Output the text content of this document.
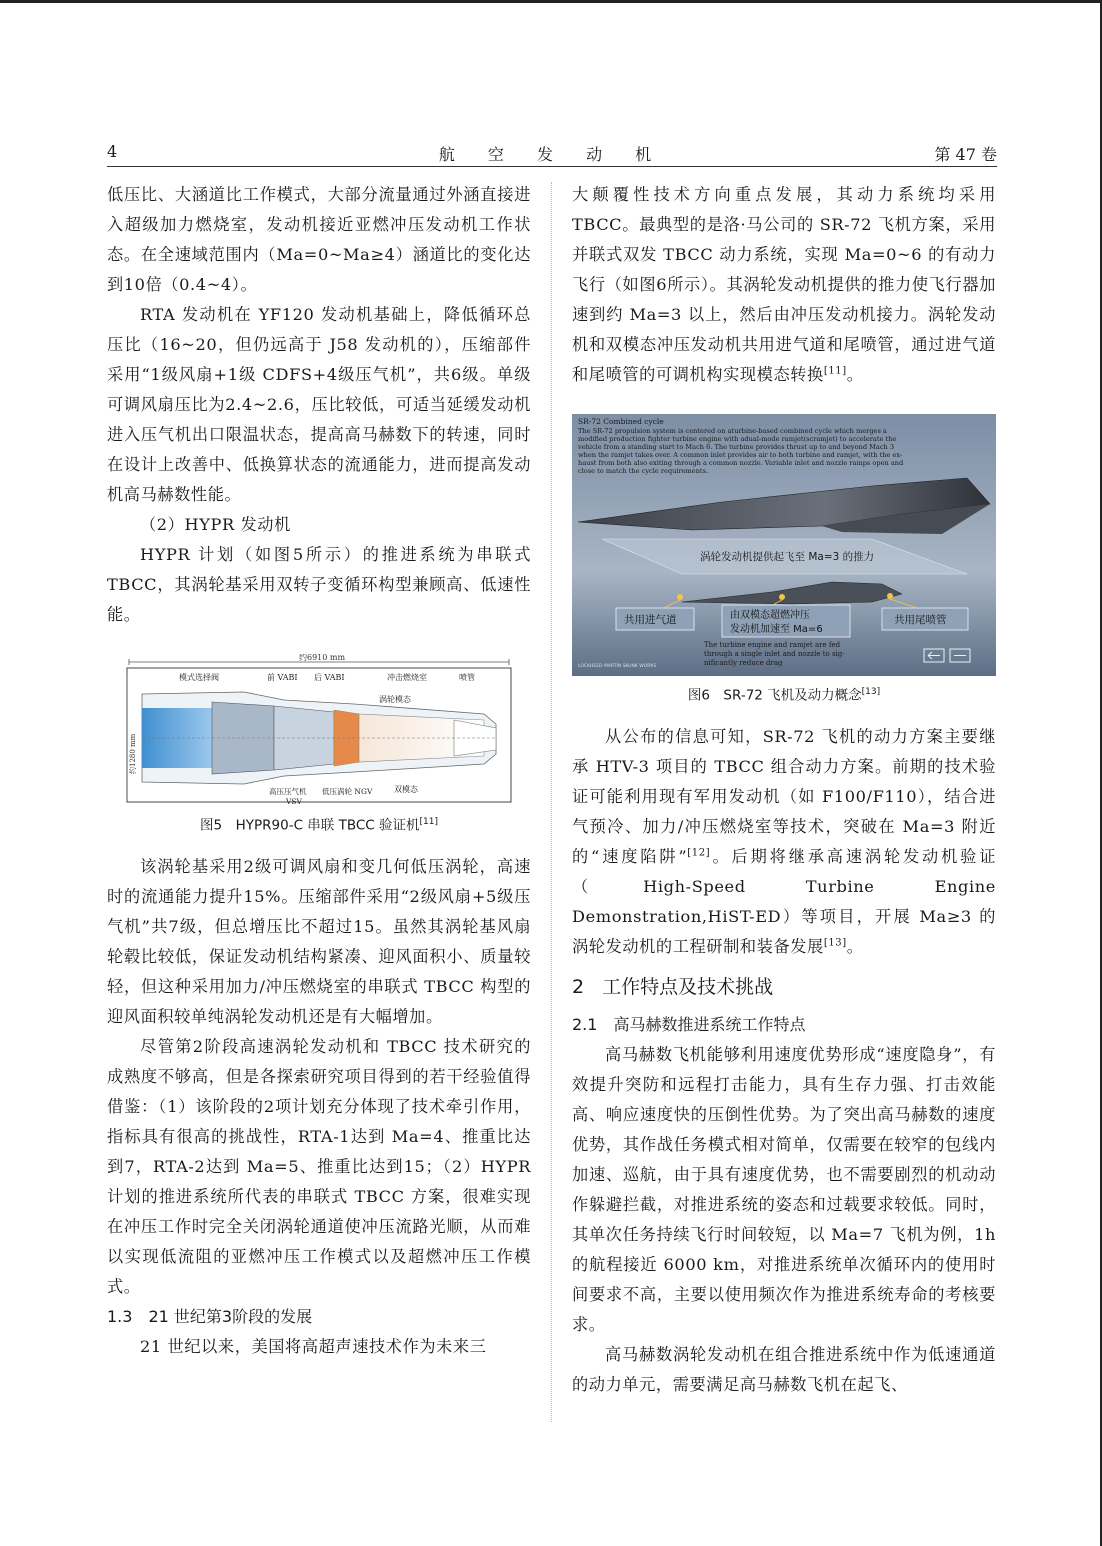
4	航 空 发 动 机	第 47 卷

低压比、大涵道比工作模式，大部分流量通过外涵直接进入超级加力燃烧室，发动机接近亚燃冲压发动机工作状态。在全速域范围内（Ma=0~Ma≥4）涵道比的变化达到10倍（0.4~4）。

RTA 发动机在 YF120 发动机基础上，降低循环总压比（16~20，但仍远高于 J58 发动机的），压缩部件采用“1级风扇+1级 CDFS+4级压气机”，共6级。单级可调风扇压比为2.4~2.6，压比较低，可适当延缓发动机进入压气机出口限温状态，提高高马赫数下的转速，同时在设计上改善中、低换算状态的流通能力，进而提高发动机高马赫数性能。

（2）HYPR 发动机

HYPR 计划（如图5所示）的推进系统为串联式 TBCC，其涡轮基采用双转子变循环构型兼顾高、低速性能。

约6910 mm
约1280 mm
模式选择阀	前 VABI 后 VABI	冲击燃烧室	喷管
涡轮模态
双模态
高压压气机
VSV
低压涡轮 NGV
图5　HYPR90-C 串联 TBCC 验证机[11]

该涡轮基采用2级可调风扇和变几何低压涡轮，高速时的流通能力提升15%。压缩部件采用“2级风扇+5级压气机”共7级，但总增压比不超过15。虽然其涡轮基风扇轮毂比较低，保证发动机结构紧凑、迎风面积小、质量较轻，但这种采用加力/冲压燃烧室的串联式 TBCC 构型的迎风面积较单纯涡轮发动机还是有大幅增加。

尽管第2阶段高速涡轮发动机和 TBCC 技术研究的成熟度不够高，但是各探索研究项目得到的若干经验值得借鉴：（1）该阶段的2项计划充分体现了技术牵引作用，指标具有很高的挑战性，RTA-1达到 Ma=4、推重比达到7，RTA-2达到 Ma=5、推重比达到15；（2）HYPR 计划的推进系统所代表的串联式 TBCC 方案，很难实现在冲压工作时完全关闭涡轮通道使冲压流路光顺，从而难以实现低流阻的亚燃冲压工作模式以及超燃冲压工作模式。

1.3 21 世纪第3阶段的发展

21 世纪以来，美国将高超声速技术作为未来三

大颠覆性技术方向重点发展，其动力系统均采用 TBCC。最典型的是洛·马公司的 SR-72 飞机方案，采用并联式双发 TBCC 动力系统，实现 Ma=0~6 的有动力飞行（如图6所示）。其涡轮发动机提供的推力使飞行器加速到约 Ma=3 以上，然后由冲压发动机接力。涡轮发动机和双模态冲压发动机共用进气道和尾喷管，通过进气道和尾喷管的可调机构实现模态转换[11]。

SR-72 Combined cycle
The SR-72 propulsion system is centered on aturbine-based combined cycle which merges a
modified production fighter turbine engine with adual-mode ramjet(scramjet) to accelerate the
vehicle from a standing start to Mach 6. The turbine provides thrust up to and beyond Mach 3
when the ramjet takes over. A common inlet provides air to both turbine and ramjet, with the ex-
haust from both also exiting through a common nozzle. Variable inlet and nozzle ramps open and
close to match the cycle requirements.
涡轮发动机提供起飞至 Ma=3 的推力
共用进气道	由双模态超燃冲压
发动机加速至 Ma=6
共用尾喷管
The turbine engine and ramjet are fed
through a single inlet and nozzle to sig-
nificantly reduce drag
LOCKHEED MARTIN SKUNK WORKS
图6　SR-72 飞机及动力概念[13]

从公布的信息可知，SR-72 飞机的动力方案主要继承 HTV-3 项目的 TBCC 组合动力方案。前期的技术验证可能利用现有军用发动机（如 F100/F110），结合进气预冷、加力/冲压燃烧室等技术，突破在 Ma=3 附近的“速度陷阱”[12]。后期将继承高速涡轮发动机验证（High-Speed Turbine Engine Demonstration,HiST-ED）等项目，开展 Ma≥3 的涡轮发动机的工程研制和装备发展[13]。

2 工作特点及技术挑战
2.1 高马赫数推进系统工作特点

高马赫数飞机能够利用速度优势形成“速度隐身”，有效提升突防和远程打击能力，具有生存力强、打击效能高、响应速度快的压倒性优势。为了突出高马赫数的速度优势，其作战任务模式相对简单，仅需要在较窄的包线内加速、巡航，由于具有速度优势，也不需要剧烈的机动动作躲避拦截，对推进系统的姿态和过载要求较低。同时，其单次任务持续飞行时间较短，以 Ma=7 飞机为例，1h 的航程接近 6000 km，对推进系统单次循环内的使用时间要求不高，主要以使用频次作为推进系统寿命的考核要求。

高马赫数涡轮发动机在组合推进系统中作为低速通道的动力单元，需要满足高马赫数飞机在起飞、
